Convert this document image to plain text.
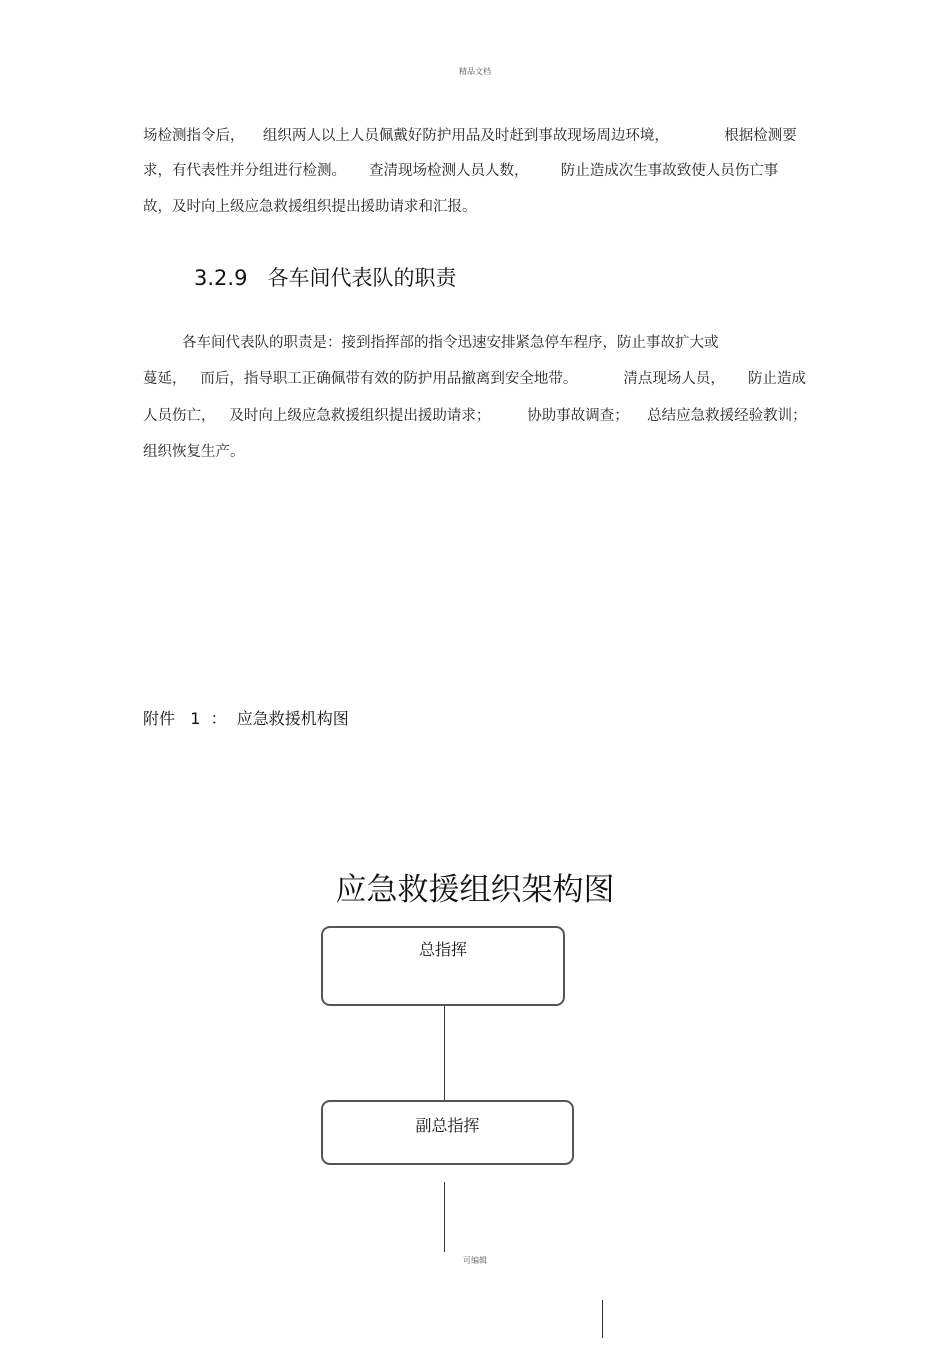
精品文档
场检测指令后，    组织两人以上人员佩戴好防护用品及时赶到事故现场周边环境，            根据检测要
求，有代表性并分组进行检测。     查清现场检测人员人数，       防止造成次生事故致使人员伤亡事
故，及时向上级应急救援组织提出援助请求和汇报。
3.2.9   各车间代表队的职责
各车间代表队的职责是：接到指挥部的指令迅速安排紧急停车程序，防止事故扩大或
蔓延，   而后，指导职工正确佩带有效的防护用品撤离到安全地带。          清点现场人员，     防止造成
人员伤亡，   及时向上级应急救援组织提出援助请求；        协助事故调查；    总结应急救援经验教训；
组织恢复生产。
附件   1  ：  应急救援机构图
应急救援组织架构图
总指挥
副总指挥
可编辑
